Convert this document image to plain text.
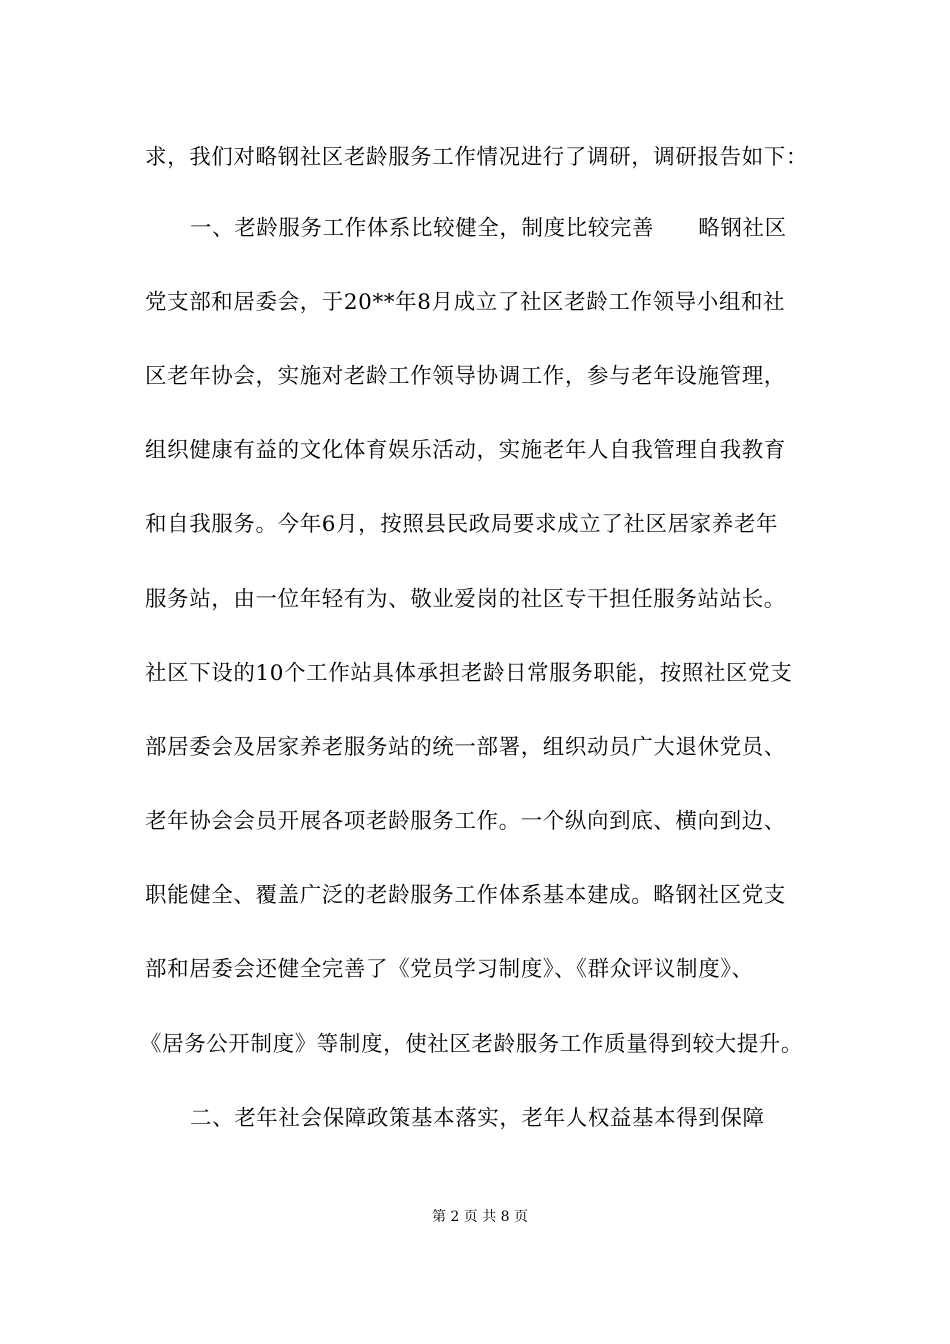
求，我们对略钢社区老龄服务工作情况进行了调研，调研报告如下：
一、老龄服务工作体系比较健全，制度比较完善　　略钢社区
党支部和居委会，于20**年8月成立了社区老龄工作领导小组和社
区老年协会，实施对老龄工作领导协调工作，参与老年设施管理，
组织健康有益的文化体育娱乐活动，实施老年人自我管理自我教育
和自我服务。今年6月，按照县民政局要求成立了社区居家养老年
服务站，由一位年轻有为、敬业爱岗的社区专干担任服务站站长。
社区下设的10个工作站具体承担老龄日常服务职能，按照社区党支
部居委会及居家养老服务站的统一部署，组织动员广大退休党员、
老年协会会员开展各项老龄服务工作。一个纵向到底、横向到边、
职能健全、覆盖广泛的老龄服务工作体系基本建成。略钢社区党支
部和居委会还健全完善了《党员学习制度》、《群众评议制度》、
《居务公开制度》等制度，使社区老龄服务工作质量得到较大提升。
二、老年社会保障政策基本落实，老年人权益基本得到保障
第 2 页 共 8 页
